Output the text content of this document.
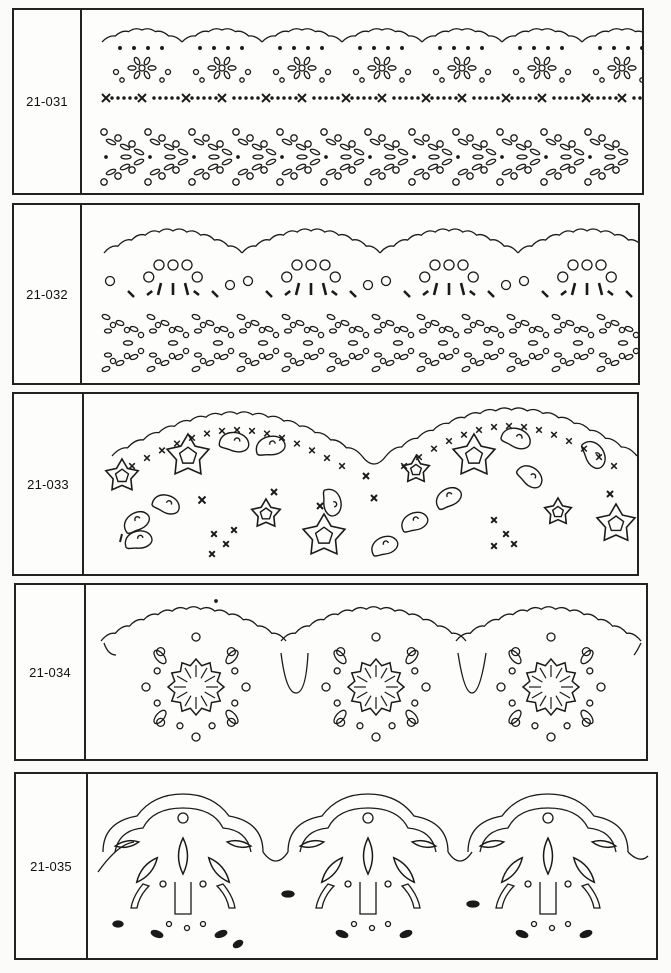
21-031
21-032
21-033
21-034
21-035
